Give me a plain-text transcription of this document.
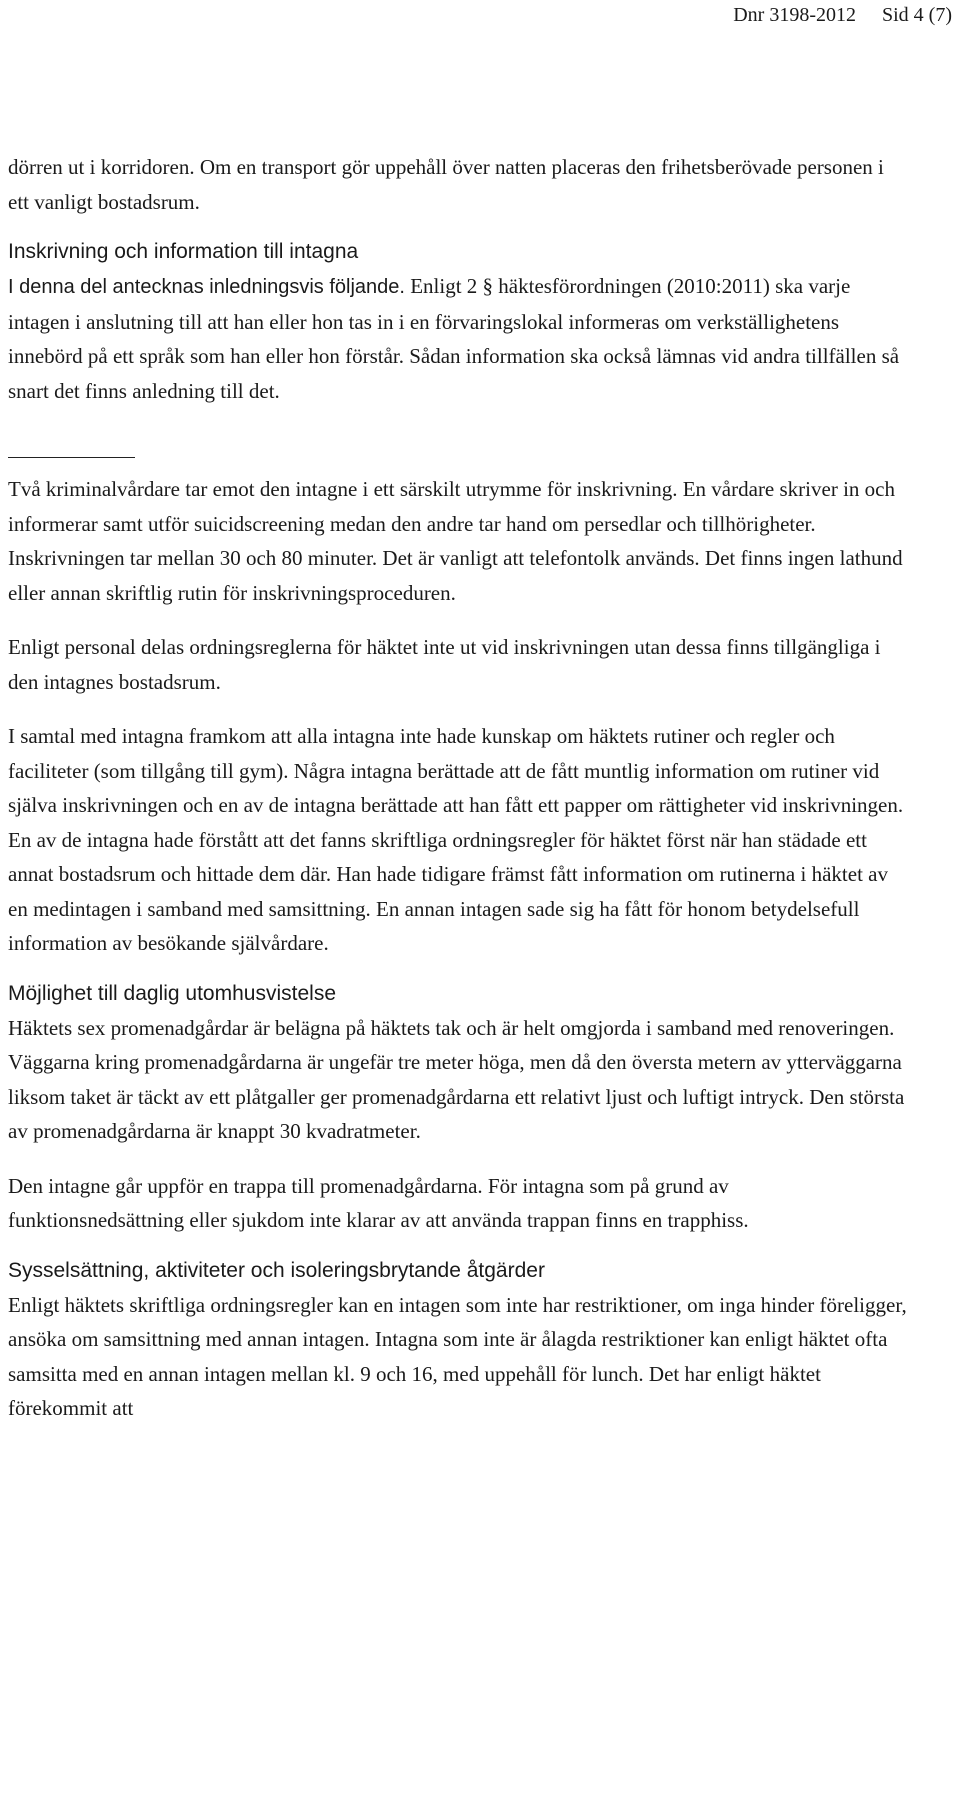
Dnr 3198-2012 Sid 4 (7)

dörren ut i korridoren. Om en transport gör uppehåll över natten placeras den frihetsberövade personen i ett vanligt bostadsrum.

Inskrivning och information till intagna

I denna del antecknas inledningsvis följande. Enligt 2 § häktesförordningen (2010:2011) ska varje intagen i anslutning till att han eller hon tas in i en förvaringslokal informeras om verkställighetens innebörd på ett språk som han eller hon förstår. Sådan information ska också lämnas vid andra tillfällen så snart det finns anledning till det.

Två kriminalvårdare tar emot den intagne i ett särskilt utrymme för inskrivning. En vårdare skriver in och informerar samt utför suicidscreening medan den andre tar hand om persedlar och tillhörigheter. Inskrivningen tar mellan 30 och 80 minuter. Det är vanligt att telefontolk används. Det finns ingen lathund eller annan skriftlig rutin för inskrivningsproceduren.

Enligt personal delas ordningsreglerna för häktet inte ut vid inskrivningen utan dessa finns tillgängliga i den intagnes bostadsrum.

I samtal med intagna framkom att alla intagna inte hade kunskap om häktets rutiner och regler och faciliteter (som tillgång till gym). Några intagna berättade att de fått muntlig information om rutiner vid själva inskrivningen och en av de intagna berättade att han fått ett papper om rättigheter vid inskrivningen. En av de intagna hade förstått att det fanns skriftliga ordningsregler för häktet först när han städade ett annat bostadsrum och hittade dem där. Han hade tidigare främst fått information om rutinerna i häktet av en medintagen i samband med samsittning. En annan intagen sade sig ha fått för honom betydelsefull information av besökande självårdare.

Möjlighet till daglig utomhusvistelse

Häktets sex promenadgårdar är belägna på häktets tak och är helt omgjorda i samband med renoveringen. Väggarna kring promenadgårdarna är ungefär tre meter höga, men då den översta metern av ytterväggarna liksom taket är täckt av ett plåtgaller ger promenadgårdarna ett relativt ljust och luftigt intryck. Den största av promenadgårdarna är knappt 30 kvadratmeter.

Den intagne går uppför en trappa till promenadgårdarna. För intagna som på grund av funktionsnedsättning eller sjukdom inte klarar av att använda trappan finns en trapphiss.

Sysselsättning, aktiviteter och isoleringsbrytande åtgärder

Enligt häktets skriftliga ordningsregler kan en intagen som inte har restriktioner, om inga hinder föreligger, ansöka om samsittning med annan intagen. Intagna som inte är ålagda restriktioner kan enligt häktet ofta samsitta med en annan intagen mellan kl. 9 och 16, med uppehåll för lunch. Det har enligt häktet förekommit att
